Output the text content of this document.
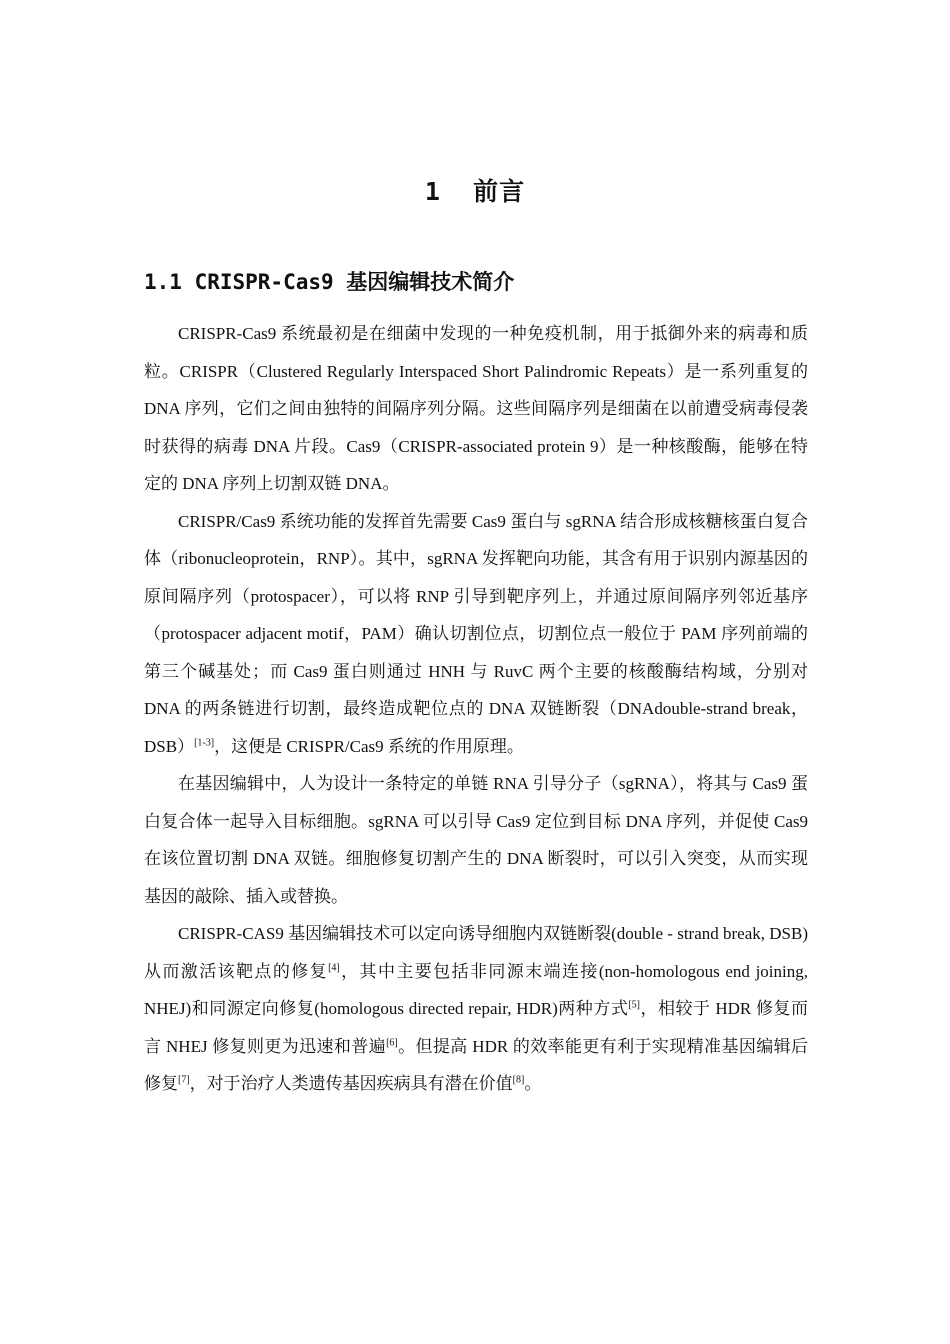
1  前言
1.1 CRISPR-Cas9 基因编辑技术简介

CRISPR-Cas9 系统最初是在细菌中发现的一种免疫机制，用于抵御外来的病毒和质粒。CRISPR（Clustered Regularly Interspaced Short Palindromic Repeats）是一系列重复的 DNA 序列，它们之间由独特的间隔序列分隔。这些间隔序列是细菌在以前遭受病毒侵袭时获得的病毒 DNA 片段。Cas9（CRISPR-associated protein 9）是一种核酸酶，能够在特定的 DNA 序列上切割双链 DNA。

CRISPR/Cas9 系统功能的发挥首先需要 Cas9 蛋白与 sgRNA 结合形成核糖核蛋白复合体（ribonucleoprotein，RNP）。其中，sgRNA 发挥靶向功能，其含有用于识别内源基因的原间隔序列（protospacer），可以将 RNP 引导到靶序列上，并通过原间隔序列邻近基序（protospacer adjacent motif，PAM）确认切割位点，切割位点一般位于 PAM 序列前端的第三个碱基处；而 Cas9 蛋白则通过 HNH 与 RuvC 两个主要的核酸酶结构域，分别对 DNA 的两条链进行切割，最终造成靶位点的 DNA 双链断裂（DNAdouble-strand break，DSB）[1-3]，这便是 CRISPR/Cas9 系统的作用原理。

在基因编辑中，人为设计一条特定的单链 RNA 引导分子（sgRNA），将其与 Cas9 蛋白复合体一起导入目标细胞。sgRNA 可以引导 Cas9 定位到目标 DNA 序列，并促使 Cas9 在该位置切割 DNA 双链。细胞修复切割产生的 DNA 断裂时，可以引入突变，从而实现基因的敲除、插入或替换。

CRISPR-CAS9 基因编辑技术可以定向诱导细胞内双链断裂(double - strand break, DSB)从而激活该靶点的修复[4]，其中主要包括非同源末端连接(non-homologous end joining, NHEJ)和同源定向修复(homologous directed repair, HDR)两种方式[5]，相较于 HDR 修复而言 NHEJ 修复则更为迅速和普遍[6]。但提高 HDR 的效率能更有利于实现精准基因编辑后修复[7]，对于治疗人类遗传基因疾病具有潜在价值[8]。
